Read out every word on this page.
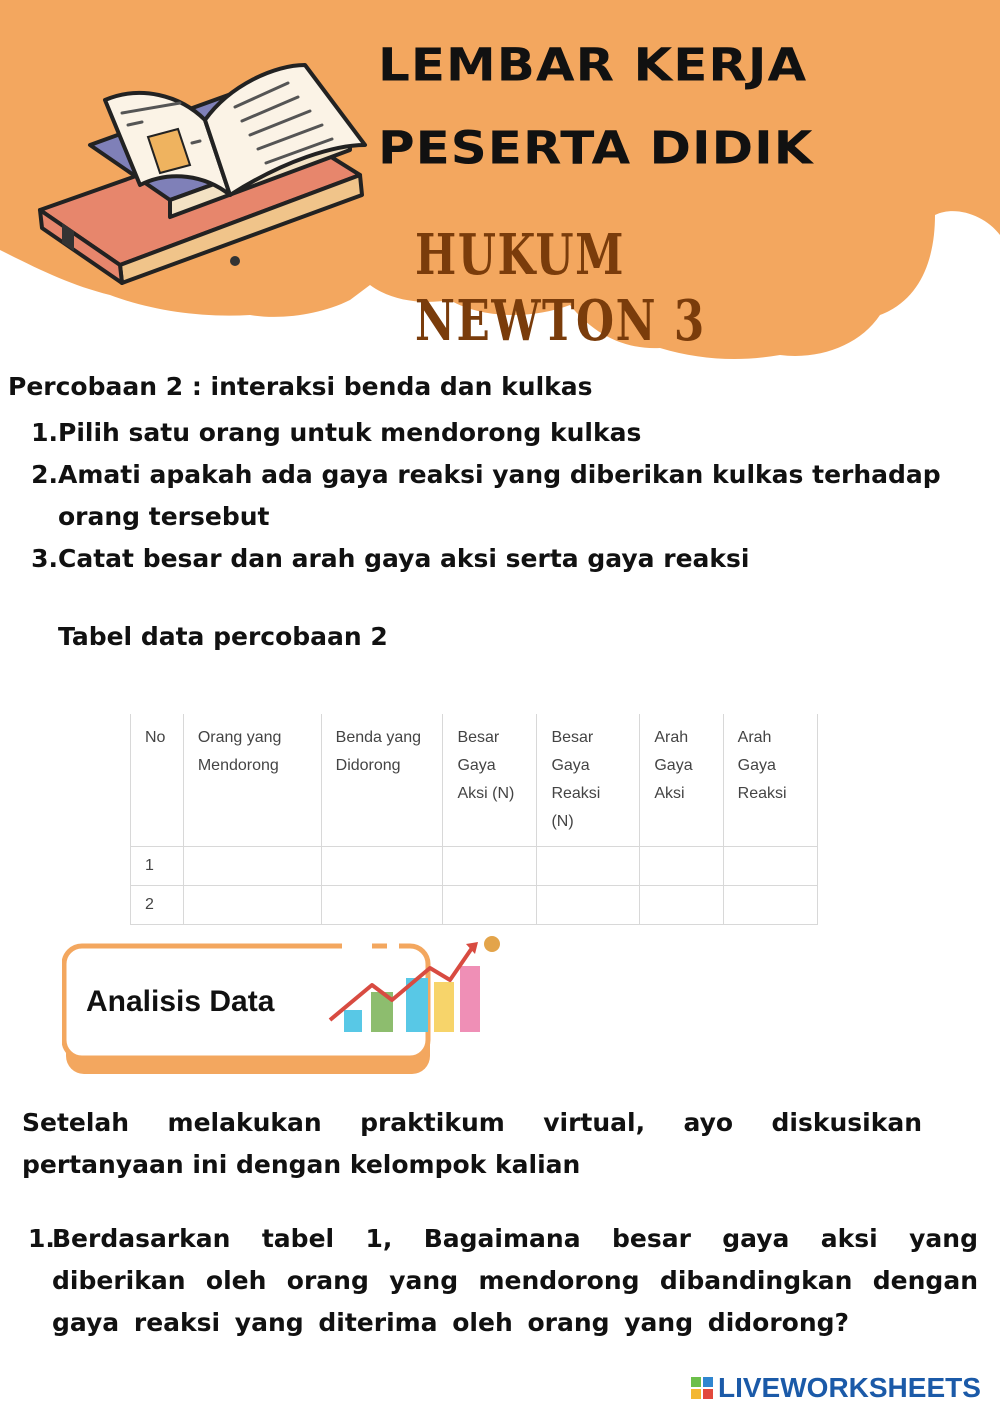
LEMBAR KERJA
PESERTA DIDIK
HUKUM NEWTON 3

Percobaan 2 : interaksi benda dan kulkas

1. Pilih satu orang untuk mendorong kulkas
2. Amati apakah ada gaya reaksi yang diberikan kulkas terhadap orang tersebut
3. Catat besar dan arah gaya aksi serta gaya reaksi

Tabel data percobaan 2

No	Orang yang Mendorong	Benda yang Didorong	Besar Gaya Aksi (N)	Besar Gaya Reaksi (N)	Arah Gaya Aksi	Arah Gaya Reaksi
1						
2						

Analisis Data

Setelah melakukan praktikum virtual, ayo diskusikan pertanyaan ini dengan kelompok kalian

1.
Berdasarkan tabel 1, Bagaimana besar gaya aksi yang diberikan oleh orang yang mendorong dibandingkan dengan gaya reaksi yang diterima oleh orang yang didorong?
LIVEWORKSHEETS
